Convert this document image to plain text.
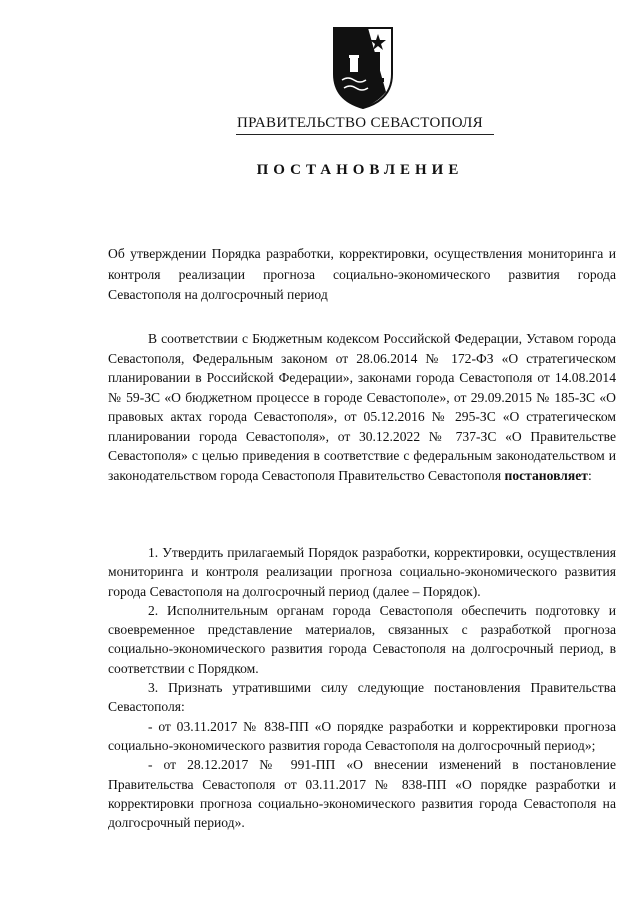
ПРАВИТЕЛЬСТВО СЕВАСТОПОЛЯ
ПОСТАНОВЛЕНИЕ
Об утверждении Порядка разработки, корректировки, осуществления мониторинга и контроля реализации прогноза социально-экономического развития города Севастополя на долгосрочный период
В соответствии с Бюджетным кодексом Российской Федерации, Уставом города Севастополя, Федеральным законом от 28.06.2014 № 172-ФЗ «О стратегическом планировании в Российской Федерации», законами города Севастополя от 14.08.2014 № 59-ЗС «О бюджетном процессе в городе Севастополе», от 29.09.2015 № 185-ЗС «О правовых актах города Севастополя», от 05.12.2016 № 295-ЗС «О стратегическом планировании города Севастополя», от 30.12.2022 № 737-ЗС «О Правительстве Севастополя» с целью приведения в соответствие с федеральным законодательством и законодательством города Севастополя Правительство Севастополя постановляет:

1. Утвердить прилагаемый Порядок разработки, корректировки, осуществления мониторинга и контроля реализации прогноза социально-экономического развития города Севастополя на долгосрочный период (далее – Порядок).

2. Исполнительным органам города Севастополя обеспечить подготовку и своевременное представление материалов, связанных с разработкой прогноза социально-экономического развития города Севастополя на долгосрочный период, в соответствии с Порядком.

3. Признать утратившими силу следующие постановления Правительства Севастополя:

- от 03.11.2017 № 838-ПП «О порядке разработки и корректировки прогноза социально-экономического развития города Севастополя на долгосрочный период»;

- от 28.12.2017 № 991-ПП «О внесении изменений в постановление Правительства Севастополя от 03.11.2017 № 838-ПП «О порядке разработки и корректировки прогноза социально-экономического развития города Севастополя на долгосрочный период».
